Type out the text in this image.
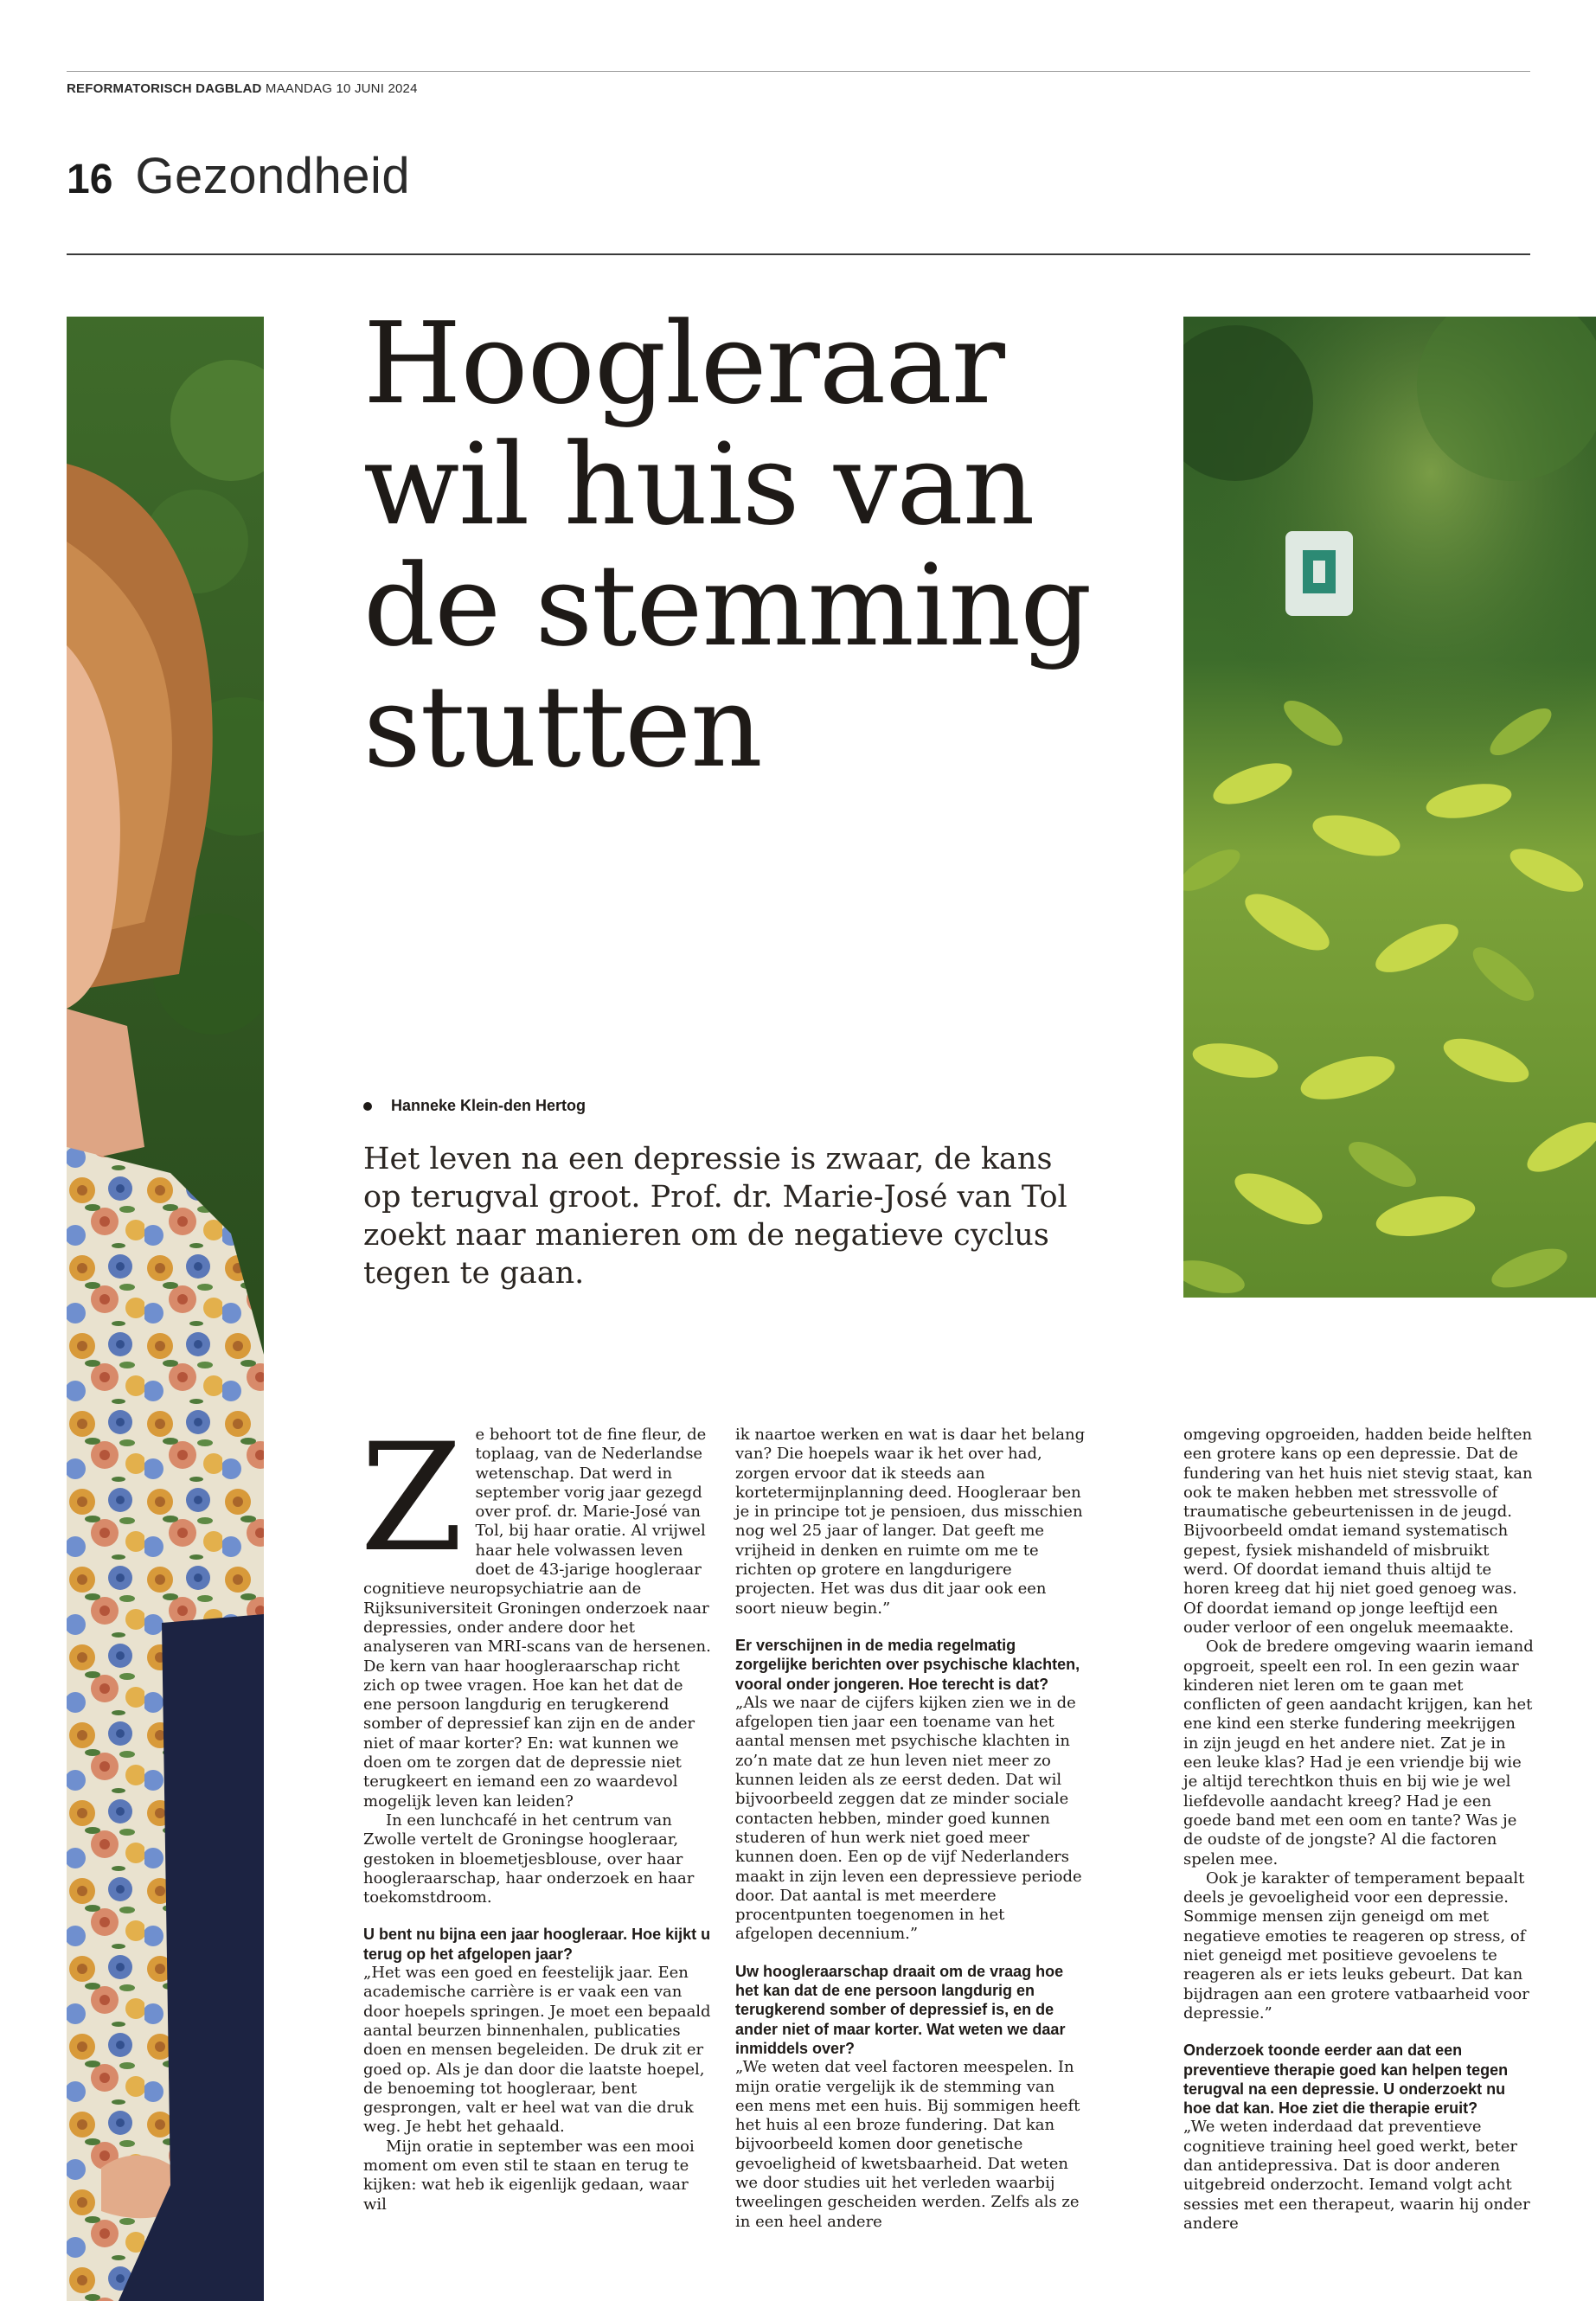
REFORMATORISCH DAGBLAD MAANDAG 10 JUNI 2024
16 Gezondheid
Hoogleraar
wil huis van
de stemming
stutten
Hanneke Klein-den Hertog

Het leven na een depressie is zwaar, de kans op terugval groot. Prof. dr. Marie-José van Tol zoekt naar manieren om de negatieve cyclus tegen te gaan.

Ze behoort tot de fine fleur, de toplaag, van de Nederlandse wetenschap. Dat werd in september vorig jaar gezegd over prof. dr. Marie-José van Tol, bij haar oratie. Al vrijwel haar hele volwassen leven doet de 43-jarige hoogleraar cognitieve neuropsychiatrie aan de Rijksuniversiteit Groningen onderzoek naar depressies, onder andere door het analyseren van MRI-scans van de hersenen. De kern van haar hoogleraarschap richt zich op twee vragen. Hoe kan het dat de ene persoon langdurig en terugkerend somber of depressief kan zijn en de ander niet of maar korter? En: wat kunnen we doen om te zorgen dat de depressie niet terugkeert en iemand een zo waardevol mogelijk leven kan leiden?

In een lunchcafé in het centrum van Zwolle vertelt de Groningse hoogleraar, gestoken in bloemetjesblouse, over haar hoogleraarschap, haar onderzoek en haar toekomstdroom.

U bent nu bijna een jaar hoogleraar. Hoe kijkt u terug op het afgelopen jaar?

„Het was een goed en feestelijk jaar. Een academische carrière is er vaak een van door hoepels springen. Je moet een bepaald aantal beurzen binnenhalen, publicaties doen en mensen begeleiden. De druk zit er goed op. Als je dan door die laatste hoepel, de benoeming tot hoogleraar, bent gesprongen, valt er heel wat van die druk weg. Je hebt het gehaald.

Mijn oratie in september was een mooi moment om even stil te staan en terug te kijken: wat heb ik eigenlijk gedaan, waar wil

ik naartoe werken en wat is daar het belang van? Die hoepels waar ik het over had, zorgen ervoor dat ik steeds aan kortetermijnplanning deed. Hoogleraar ben je in principe tot je pensioen, dus misschien nog wel 25 jaar of langer. Dat geeft me vrijheid in denken en ruimte om me te richten op grotere en langdurigere projecten. Het was dus dit jaar ook een soort nieuw begin.”

Er verschijnen in de media regelmatig zorgelijke berichten over psychische klachten, vooral onder jongeren. Hoe terecht is dat?

„Als we naar de cijfers kijken zien we in de afgelopen tien jaar een toename van het aantal mensen met psychische klachten in zo’n mate dat ze hun leven niet meer zo kunnen leiden als ze eerst deden. Dat wil bijvoorbeeld zeggen dat ze minder sociale contacten hebben, minder goed kunnen studeren of hun werk niet goed meer kunnen doen. Een op de vijf Nederlanders maakt in zijn leven een depressieve periode door. Dat aantal is met meerdere procentpunten toegenomen in het afgelopen decennium.”

Uw hoogleraarschap draait om de vraag hoe het kan dat de ene persoon langdurig en terugkerend somber of depressief is, en de ander niet of maar korter. Wat weten we daar inmiddels over?

„We weten dat veel factoren meespelen. In mijn oratie vergelijk ik de stemming van een mens met een huis. Bij sommigen heeft het huis al een broze fundering. Dat kan bijvoorbeeld komen door genetische gevoeligheid of kwetsbaarheid. Dat weten we door studies uit het verleden waarbij tweelingen gescheiden werden. Zelfs als ze in een heel andere

omgeving opgroeiden, hadden beide helften een grotere kans op een depressie. Dat de fundering van het huis niet stevig staat, kan ook te maken hebben met stressvolle of traumatische gebeurtenissen in de jeugd. Bijvoorbeeld omdat iemand systematisch gepest, fysiek mishandeld of misbruikt werd. Of doordat iemand thuis altijd te horen kreeg dat hij niet goed genoeg was. Of doordat iemand op jonge leeftijd een ouder verloor of een ongeluk meemaakte.

Ook de bredere omgeving waarin iemand opgroeit, speelt een rol. In een gezin waar kinderen niet leren om te gaan met conflicten of geen aandacht krijgen, kan het ene kind een sterke fundering meekrijgen in zijn jeugd en het andere niet. Zat je in een leuke klas? Had je een vriendje bij wie je altijd terechtkon thuis en bij wie je wel liefdevolle aandacht kreeg? Had je een goede band met een oom en tante? Was je de oudste of de jongste? Al die factoren spelen mee.

Ook je karakter of temperament bepaalt deels je gevoeligheid voor een depressie. Sommige mensen zijn geneigd om met negatieve emoties te reageren op stress, of niet geneigd met positieve gevoelens te reageren als er iets leuks gebeurt. Dat kan bijdragen aan een grotere vatbaarheid voor depressie.”

Onderzoek toonde eerder aan dat een preventieve therapie goed kan helpen tegen terugval na een depressie. U onderzoekt nu hoe dat kan. Hoe ziet die therapie eruit?

„We weten inderdaad dat preventieve cognitieve training heel goed werkt, beter dan antidepressiva. Dat is door anderen uitgebreid onderzocht. Iemand volgt acht sessies met een therapeut, waarin hij onder andere
